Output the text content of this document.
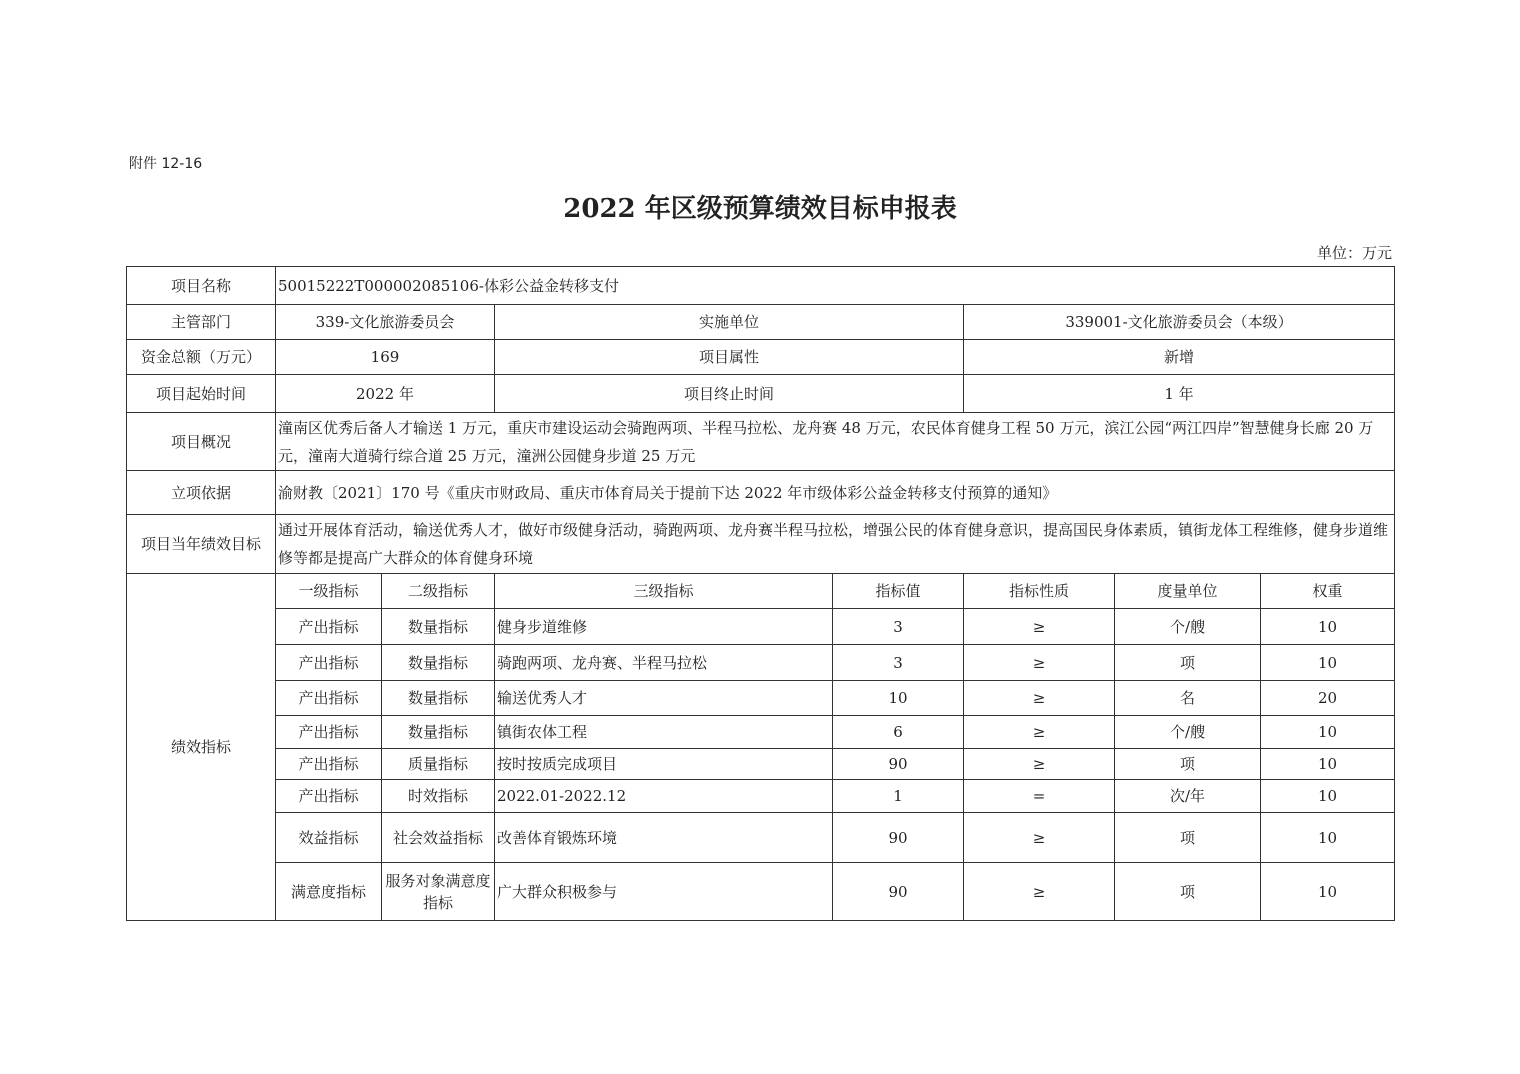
附件 12-16
2022 年区级预算绩效目标申报表
单位：万元
项目名称	50015222T000002085106-体彩公益金转移支付						
主管部门	339-文化旅游委员会		实施单位		339001-文化旅游委员会（本级）		
资金总额（万元）	169		项目属性		新增		
项目起始时间	2022 年		项目终止时间		1 年		
项目概况	潼南区优秀后备人才输送 1 万元，重庆市建设运动会骑跑两项、半程马拉松、龙舟赛 48 万元，农民体育健身工程 50 万元，滨江公园“两江四岸”智慧健身长廊 20 万元，潼南大道骑行综合道 25 万元，潼洲公园健身步道 25 万元						
立项依据	渝财教〔2021〕170 号《重庆市财政局、重庆市体育局关于提前下达 2022 年市级体彩公益金转移支付预算的通知》						
项目当年绩效目标	通过开展体育活动，输送优秀人才，做好市级健身活动，骑跑两项、龙舟赛半程马拉松，增强公民的体育健身意识，提高国民身体素质，镇街龙体工程维修，健身步道维修等都是提高广大群众的体育健身环境						
绩效指标	一级指标	二级指标	三级指标	指标值	指标性质	度量单位	权重
	产出指标	数量指标	健身步道维修	3	≥	个/艘	10
	产出指标	数量指标	骑跑两项、龙舟赛、半程马拉松	3	≥	项	10
	产出指标	数量指标	输送优秀人才	10	≥	名	20
	产出指标	数量指标	镇街农体工程	6	≥	个/艘	10
	产出指标	质量指标	按时按质完成项目	90	≥	项	10
	产出指标	时效指标	2022.01-2022.12	1	=	次/年	10
	效益指标	社会效益指标	改善体育锻炼环境	90	≥	项	10
	满意度指标	服务对象满意度指标	广大群众积极参与	90	≥	项	10
